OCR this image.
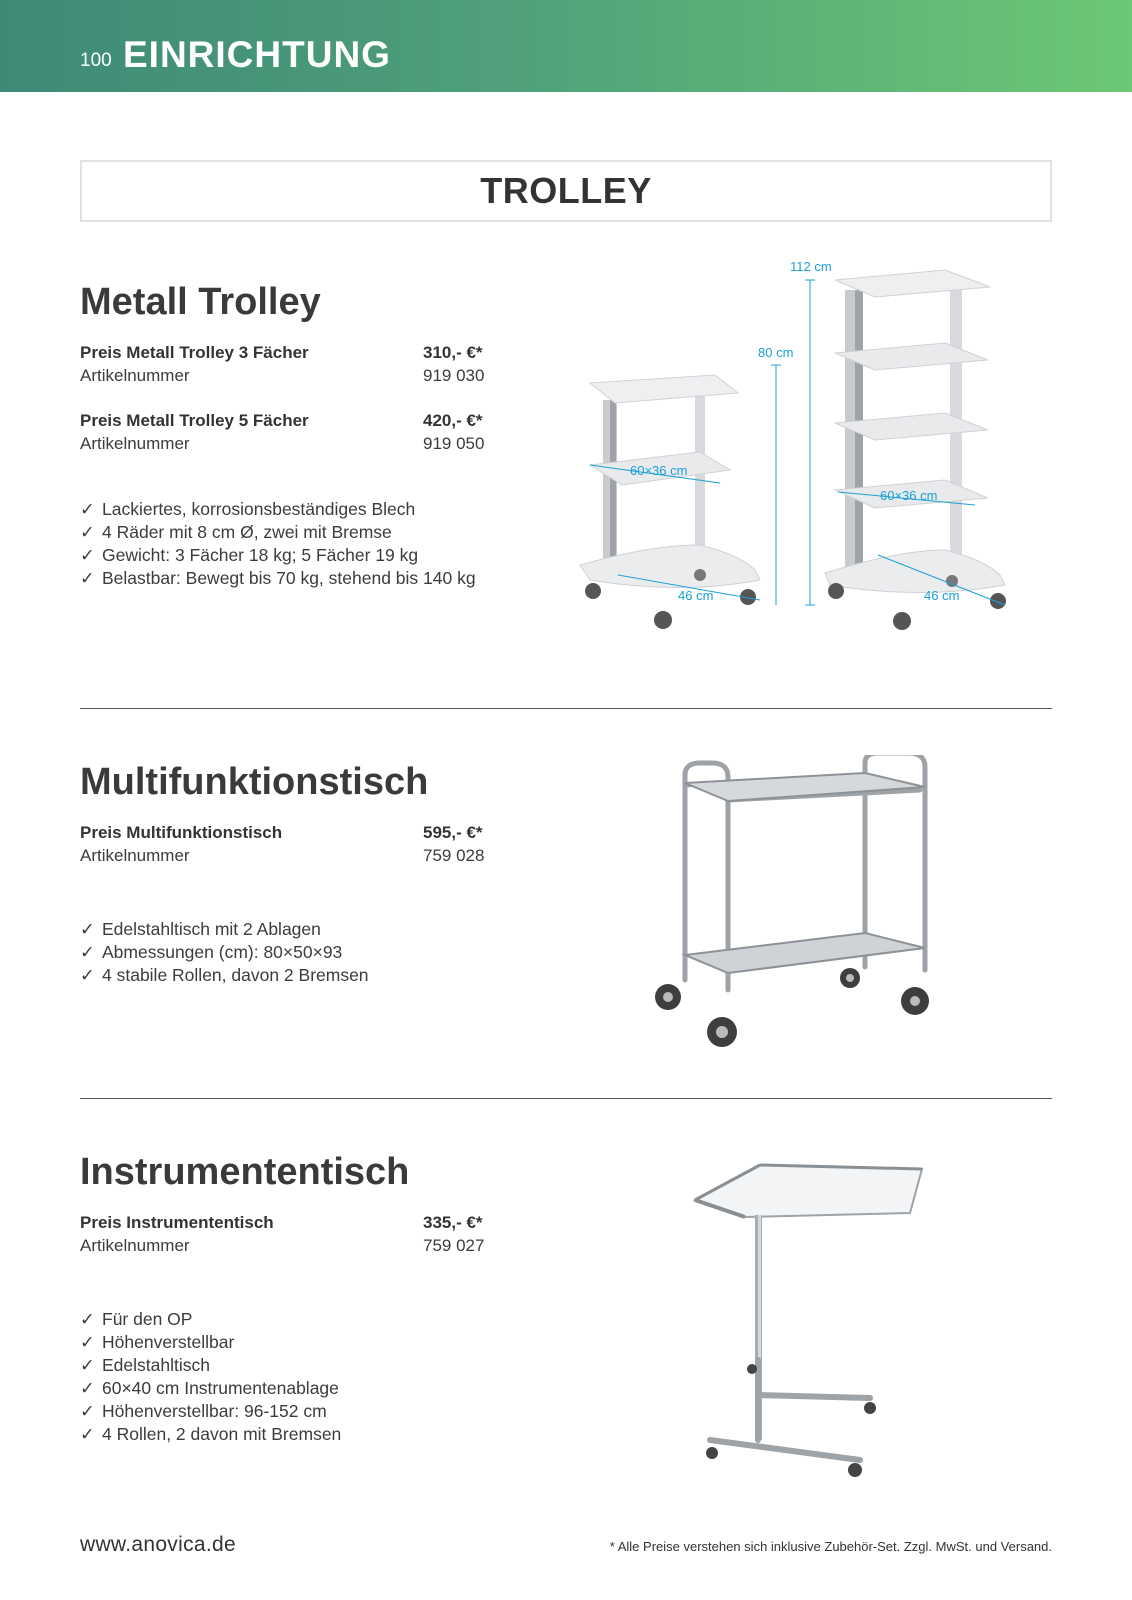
100 EINRICHTUNG
TROLLEY
Metall Trolley
Preis Metall Trolley 3 Fächer	310,- €*
Artikelnummer	919 030
Preis Metall Trolley 5 Fächer	420,- €*
Artikelnummer	919 050
✓ Lackiertes, korrosionsbeständiges Blech
✓ 4 Räder mit 8 cm Ø, zwei mit Bremse
✓ Gewicht: 3 Fächer 18 kg; 5 Fächer 19 kg
✓ Belastbar: Bewegt bis 70 kg, stehend bis 140 kg
112 cm
80 cm
60×36 cm
60×36 cm
46 cm	46 cm
Multifunktionstisch
Preis Multifunktionstisch	595,- €*
Artikelnummer	759 028
✓ Edelstahltisch mit 2 Ablagen
✓ Abmessungen (cm): 80×50×93
✓ 4 stabile Rollen, davon 2 Bremsen
Instrumententisch
Preis Instrumententisch	335,- €*
Artikelnummer	759 027
✓ Für den OP
✓ Höhenverstellbar
✓ Edelstahltisch
✓ 60×40 cm Instrumentenablage
✓ Höhenverstellbar: 96-152 cm
✓ 4 Rollen, 2 davon mit Bremsen
www.anovica.de	* Alle Preise verstehen sich inklusive Zubehör-Set. Zzgl. MwSt. und Versand.
